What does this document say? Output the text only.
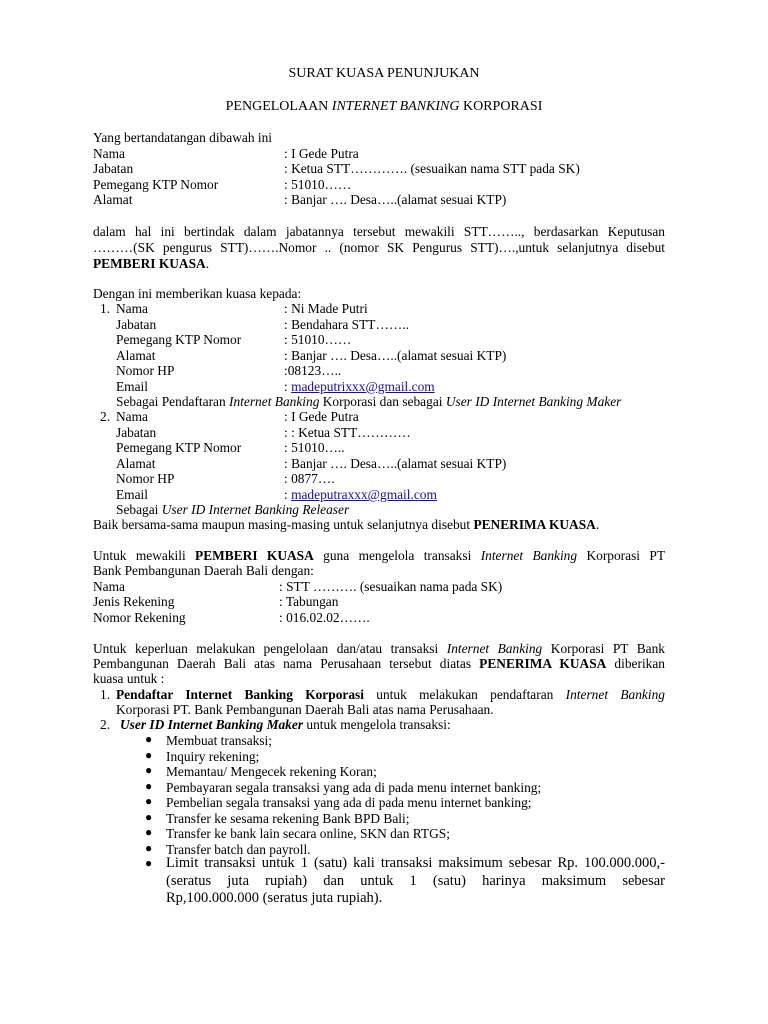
SURAT KUASA PENUNJUKAN
PENGELOLAAN INTERNET BANKING KORPORASI
Yang bertandatangan dibawah ini
Nama	: I Gede Putra
Jabatan	: Ketua STT…………. (sesuaikan nama STT pada SK)
Pemegang KTP Nomor	: 51010……
Alamat	: Banjar …. Desa…..(alamat sesuai KTP)
dalam hal ini bertindak dalam jabatannya tersebut mewakili STT…….., berdasarkan Keputusan
………(SK pengurus STT)…….Nomor .. (nomor SK Pengurus STT)….,untuk selanjutnya disebut
PEMBERI KUASA.
Dengan ini memberikan kuasa kepada:
1. Nama	: Ni Made Putri
Jabatan	: Bendahara STT……..
Pemegang KTP Nomor	: 51010……
Alamat	: Banjar …. Desa…..(alamat sesuai KTP)
Nomor HP	:08123…..
Email	: madeputrixxx@gmail.com
Sebagai Pendaftaran Internet Banking Korporasi dan sebagai User ID Internet Banking Maker
2. Nama	: I Gede Putra
Jabatan	: : Ketua STT…………
Pemegang KTP Nomor	: 51010…..
Alamat	: Banjar …. Desa…..(alamat sesuai KTP)
Nomor HP	: 0877….
Email	: madeputraxxx@gmail.com
Sebagai User ID Internet Banking Releaser
Baik bersama-sama maupun masing-masing untuk selanjutnya disebut PENERIMA KUASA.
Untuk mewakili PEMBERI KUASA guna mengelola transaksi Internet Banking Korporasi PT
Bank Pembangunan Daerah Bali dengan:
Nama	: STT ………. (sesuaikan nama pada SK)
Jenis Rekening	: Tabungan
Nomor Rekening	: 016.02.02…….
Untuk keperluan melakukan pengelolaan dan/atau transaksi Internet Banking Korporasi PT Bank
Pembangunan Daerah Bali atas nama Perusahaan tersebut diatas PENERIMA KUASA diberikan
kuasa untuk :
1. Pendaftar Internet Banking Korporasi untuk melakukan pendaftaran Internet Banking
Korporasi PT. Bank Pembangunan Daerah Bali atas nama Perusahaan.
2. User ID Internet Banking Maker untuk mengelola transaksi:
● Membuat transaksi;
● Inquiry rekening;
● Memantau/ Mengecek rekening Koran;
● Pembayaran segala transaksi yang ada di pada menu internet banking;
● Pembelian segala transaksi yang ada di pada menu internet banking;
● Transfer ke sesama rekening Bank BPD Bali;
● Transfer ke bank lain secara online, SKN dan RTGS;
● Transfer batch dan payroll.
● Limit transaksi untuk 1 (satu) kali transaksi maksimum sebesar Rp. 100.000.000,-
(seratus juta rupiah) dan untuk 1 (satu) harinya maksimum sebesar
Rp,100.000.000 (seratus juta rupiah).
